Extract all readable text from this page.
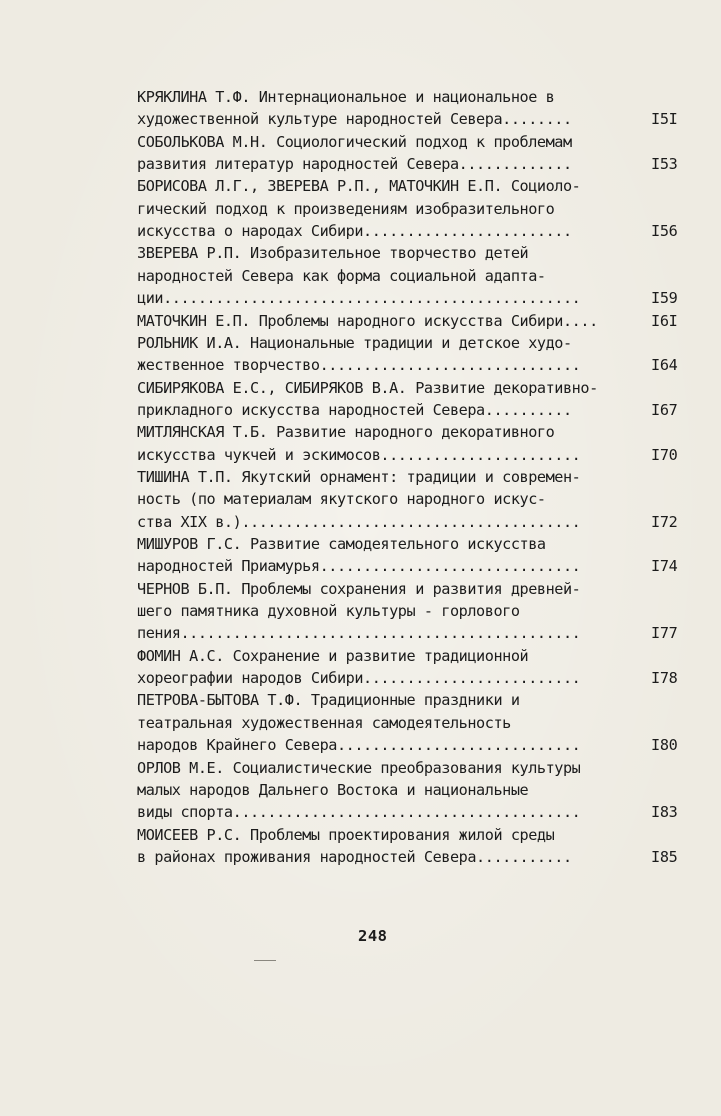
КРЯКЛИНА Т.Ф. Интернациональное и национальное в
художественной культуре народностей Севера........	I5I
СОБОЛЬКОВА М.Н. Социологический подход к проблемам
развития литератур народностей Севера.............	I53
БОРИСОВА Л.Г., ЗВЕРЕВА Р.П., МАТОЧКИН Е.П. Социоло-
гический подход к произведениям изобразительного
искусства о народах Сибири........................	I56
ЗВЕРЕВА Р.П. Изобразительное творчество детей
народностей Севера как форма социальной адапта-
ции................................................	I59
МАТОЧКИН Е.П. Проблемы народного искусства Сибири....	I6I
РОЛЬНИК И.А. Национальные традиции и детское худо-
жественное творчество..............................	I64
СИБИРЯКОВА Е.С., СИБИРЯКОВ В.А. Развитие декоративно-
прикладного искусства народностей Севера..........	I67
МИТЛЯНСКАЯ Т.Б. Развитие народного декоративного
искусства чукчей и эскимосов.......................	I70
ТИШИНА Т.П. Якутский орнамент: традиции и современ-
ность (по материалам якутского народного искус-
ства XIX в.).......................................	I72
МИШУРОВ Г.С. Развитие самодеятельного искусства
народностей Приамурья..............................	I74
ЧЕРНОВ Б.П. Проблемы сохранения и развития древней-
шего памятника духовной культуры - горлового
пения..............................................	I77
ФОМИН А.С. Сохранение и развитие традиционной
хореографии народов Сибири.........................	I78
ПЕТРОВА-БЫТОВА Т.Ф. Традиционные праздники и
театральная художественная самодеятельность
народов Крайнего Севера............................	I80
ОРЛОВ М.Е. Социалистические преобразования культуры
малых народов Дальнего Востока и национальные
виды спорта........................................	I83
МОИСЕЕВ Р.С. Проблемы проектирования жилой среды
в районах проживания народностей Севера...........	I85
248
